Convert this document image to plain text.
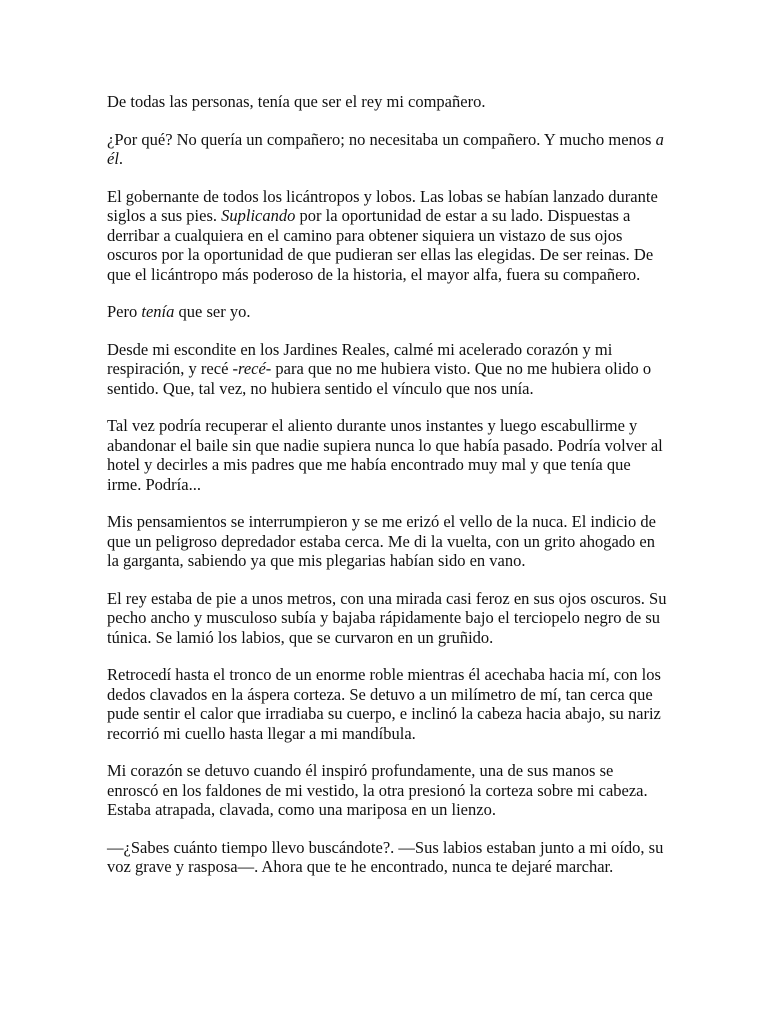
De todas las personas, tenía que ser el rey mi compañero.

¿Por qué? No quería un compañero; no necesitaba un compañero. Y mucho menos a él.

El gobernante de todos los licántropos y lobos. Las lobas se habían lanzado durante siglos a sus pies. Suplicando por la oportunidad de estar a su lado. Dispuestas a derribar a cualquiera en el camino para obtener siquiera un vistazo de sus ojos oscuros por la oportunidad de que pudieran ser ellas las elegidas. De ser reinas. De que el licántropo más poderoso de la historia, el mayor alfa, fuera su compañero.

Pero tenía que ser yo.

Desde mi escondite en los Jardines Reales, calmé mi acelerado corazón y mi respiración, y recé -recé- para que no me hubiera visto. Que no me hubiera olido o sentido. Que, tal vez, no hubiera sentido el vínculo que nos unía.

Tal vez podría recuperar el aliento durante unos instantes y luego escabullirme y abandonar el baile sin que nadie supiera nunca lo que había pasado. Podría volver al hotel y decirles a mis padres que me había encontrado muy mal y que tenía que irme. Podría...

Mis pensamientos se interrumpieron y se me erizó el vello de la nuca. El indicio de que un peligroso depredador estaba cerca. Me di la vuelta, con un grito ahogado en la garganta, sabiendo ya que mis plegarias habían sido en vano.

El rey estaba de pie a unos metros, con una mirada casi feroz en sus ojos oscuros. Su pecho ancho y musculoso subía y bajaba rápidamente bajo el terciopelo negro de su túnica. Se lamió los labios, que se curvaron en un gruñido.

Retrocedí hasta el tronco de un enorme roble mientras él acechaba hacia mí, con los dedos clavados en la áspera corteza. Se detuvo a un milímetro de mí, tan cerca que pude sentir el calor que irradiaba su cuerpo, e inclinó la cabeza hacia abajo, su nariz recorrió mi cuello hasta llegar a mi mandíbula.

Mi corazón se detuvo cuando él inspiró profundamente, una de sus manos se enroscó en los faldones de mi vestido, la otra presionó la corteza sobre mi cabeza. Estaba atrapada, clavada, como una mariposa en un lienzo.

—¿Sabes cuánto tiempo llevo buscándote?. —Sus labios estaban junto a mi oído, su voz grave y rasposa—. Ahora que te he encontrado, nunca te dejaré marchar.
